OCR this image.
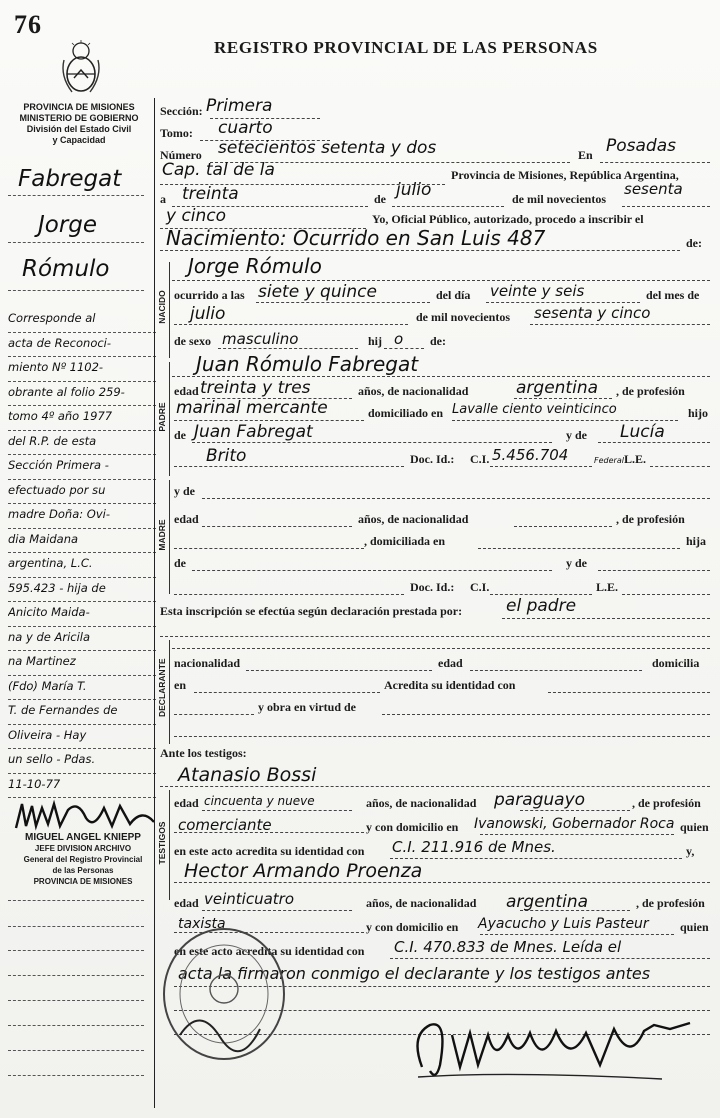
76
REGISTRO PROVINCIAL DE LAS PERSONAS
PROVINCIA DE MISIONES
MINISTERIO DE GOBIERNO
División del Estado Civil
y Capacidad
Fabregat
Jorge
Rómulo
Corresponde al
acta de Reconoci-
miento Nº 1102-
obrante al folio 259-
tomo 4º año 1977
del R.P. de esta
Sección Primera -
efectuado por su
madre Doña: Ovi-
dia Maidana
argentina, L.C.
595.423 - hija de
Anicito Maida-
na y de Aricila
na Martinez
(Fdo) María T.
T. de Fernandes de
Oliveira - Hay
un sello - Pdas.
11-10-77
MIGUEL ANGEL KNIEPP
JEFE DIVISION ARCHIVO
General del Registro Provincial
de las Personas
PROVINCIA DE MISIONES
NACIDO
PADRE
MADRE
DECLARANTE
TESTIGOS
Sección: Primera
Tomo: cuarto
Número setecientos setenta y dos	En Posadas
Cap. tal de la	Provincia de Misiones, República Argentina,
a treinta	de julio	de mil novecientos
sesenta
y cinco	Yo, Oficial Público, autorizado, procedo a inscribir el
Nacimiento: Ocurrido en San Luis 487	de:
Jorge Rómulo
ocurrido a las siete y quince	del día veinte y seis	del mes de
julio	de mil novecientos sesenta y cinco
de sexo masculino	hij o de:
Juan Rómulo Fabregat
edad treinta y tres	años, de nacionalidad	argentina , de profesión
marinal mercante	domiciliado en Lavalle ciento veinticinco	hijo
de Juan Fabregat	y de Lucía
Brito	Doc. Id.: C.I. 5.456.704	Federal L.E.
y de
edad	años, de nacionalidad	, de profesión
, domiciliada en	hija
de	y de
Doc. Id.: C.I.	L.E.
Esta inscripción se efectúa según declaración prestada por:	el padre
nacionalidad	edad	domicilia
en	Acredita su identidad con
y obra en virtud de
Ante los testigos:
Atanasio Bossi
edad cincuenta y nueve	años, de nacionalidad paraguayo	, de profesión
comerciante	y con domicilio en Ivanowski, Gobernador Roca quien
en este acto acredita su identidad con C.I. 211.916 de Mnes.	y,
Hector Armando Proenza
edad veinticuatro	años, de nacionalidad argentina	, de profesión
taxista	y con domicilio en Ayacucho y Luis Pasteur	quien
en este acto acredita su identidad con C.I. 470.833 de Mnes. Leída el
acta la firmaron conmigo el declarante y los testigos antes
